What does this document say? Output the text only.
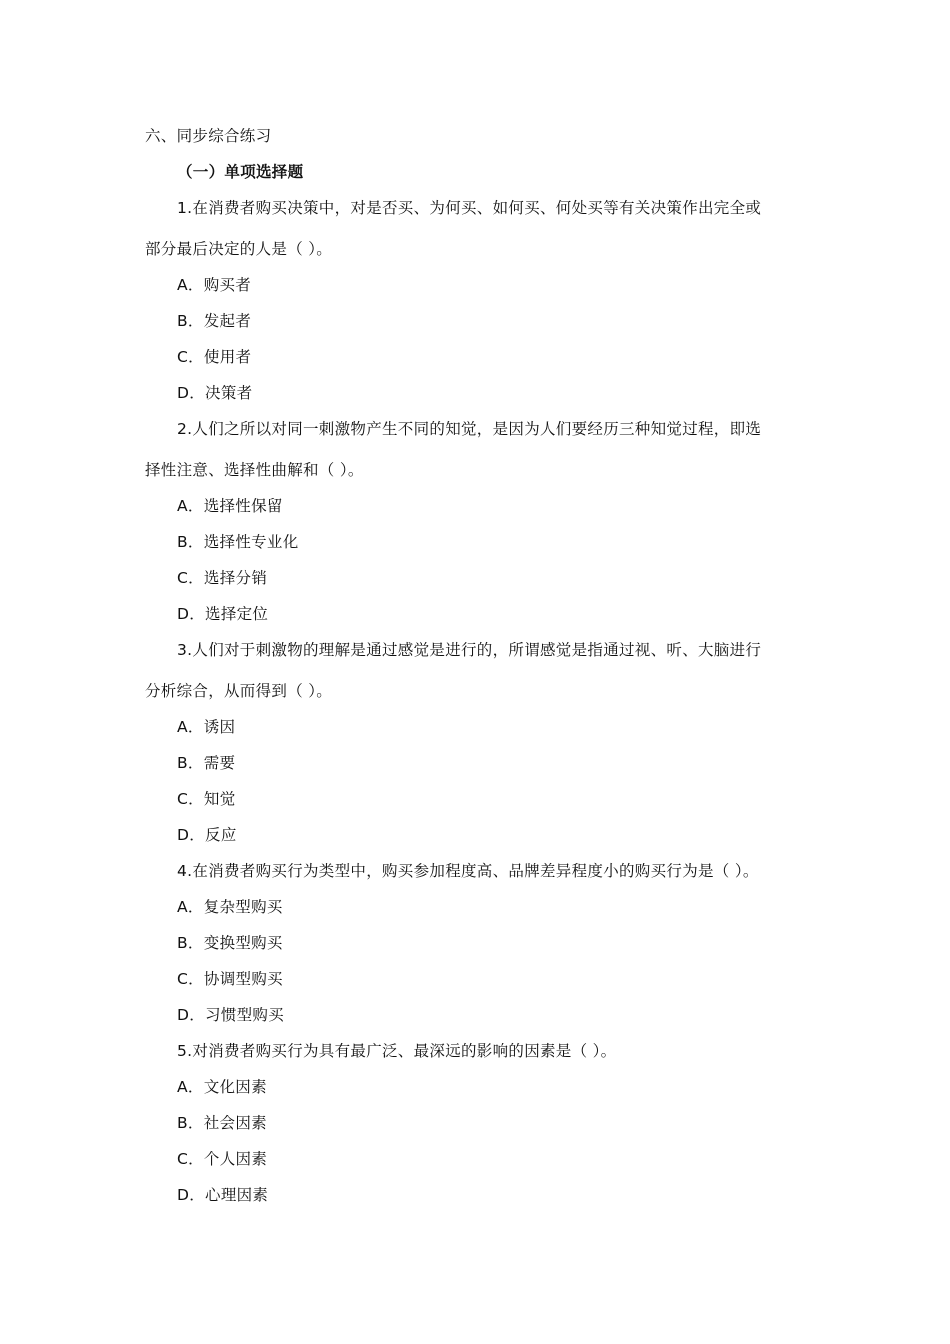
六、同步综合练习
（一）单项选择题
1.在消费者购买决策中，对是否买、为何买、如何买、何处买等有关决策作出完全或
部分最后决定的人是（ ）。
A．购买者
B．发起者
C．使用者
D．决策者
2.人们之所以对同一刺激物产生不同的知觉，是因为人们要经历三种知觉过程，即选
择性注意、选择性曲解和（ ）。
A．选择性保留
B．选择性专业化
C．选择分销
D．选择定位
3.人们对于刺激物的理解是通过感觉是进行的，所谓感觉是指通过视、听、大脑进行
分析综合，从而得到（ ）。
A．诱因
B．需要
C．知觉
D．反应
4.在消费者购买行为类型中，购买参加程度高、品牌差异程度小的购买行为是（ ）。
A．复杂型购买
B．变换型购买
C．协调型购买
D．习惯型购买
5.对消费者购买行为具有最广泛、最深远的影响的因素是（ ）。
A．文化因素
B．社会因素
C．个人因素
D．心理因素
